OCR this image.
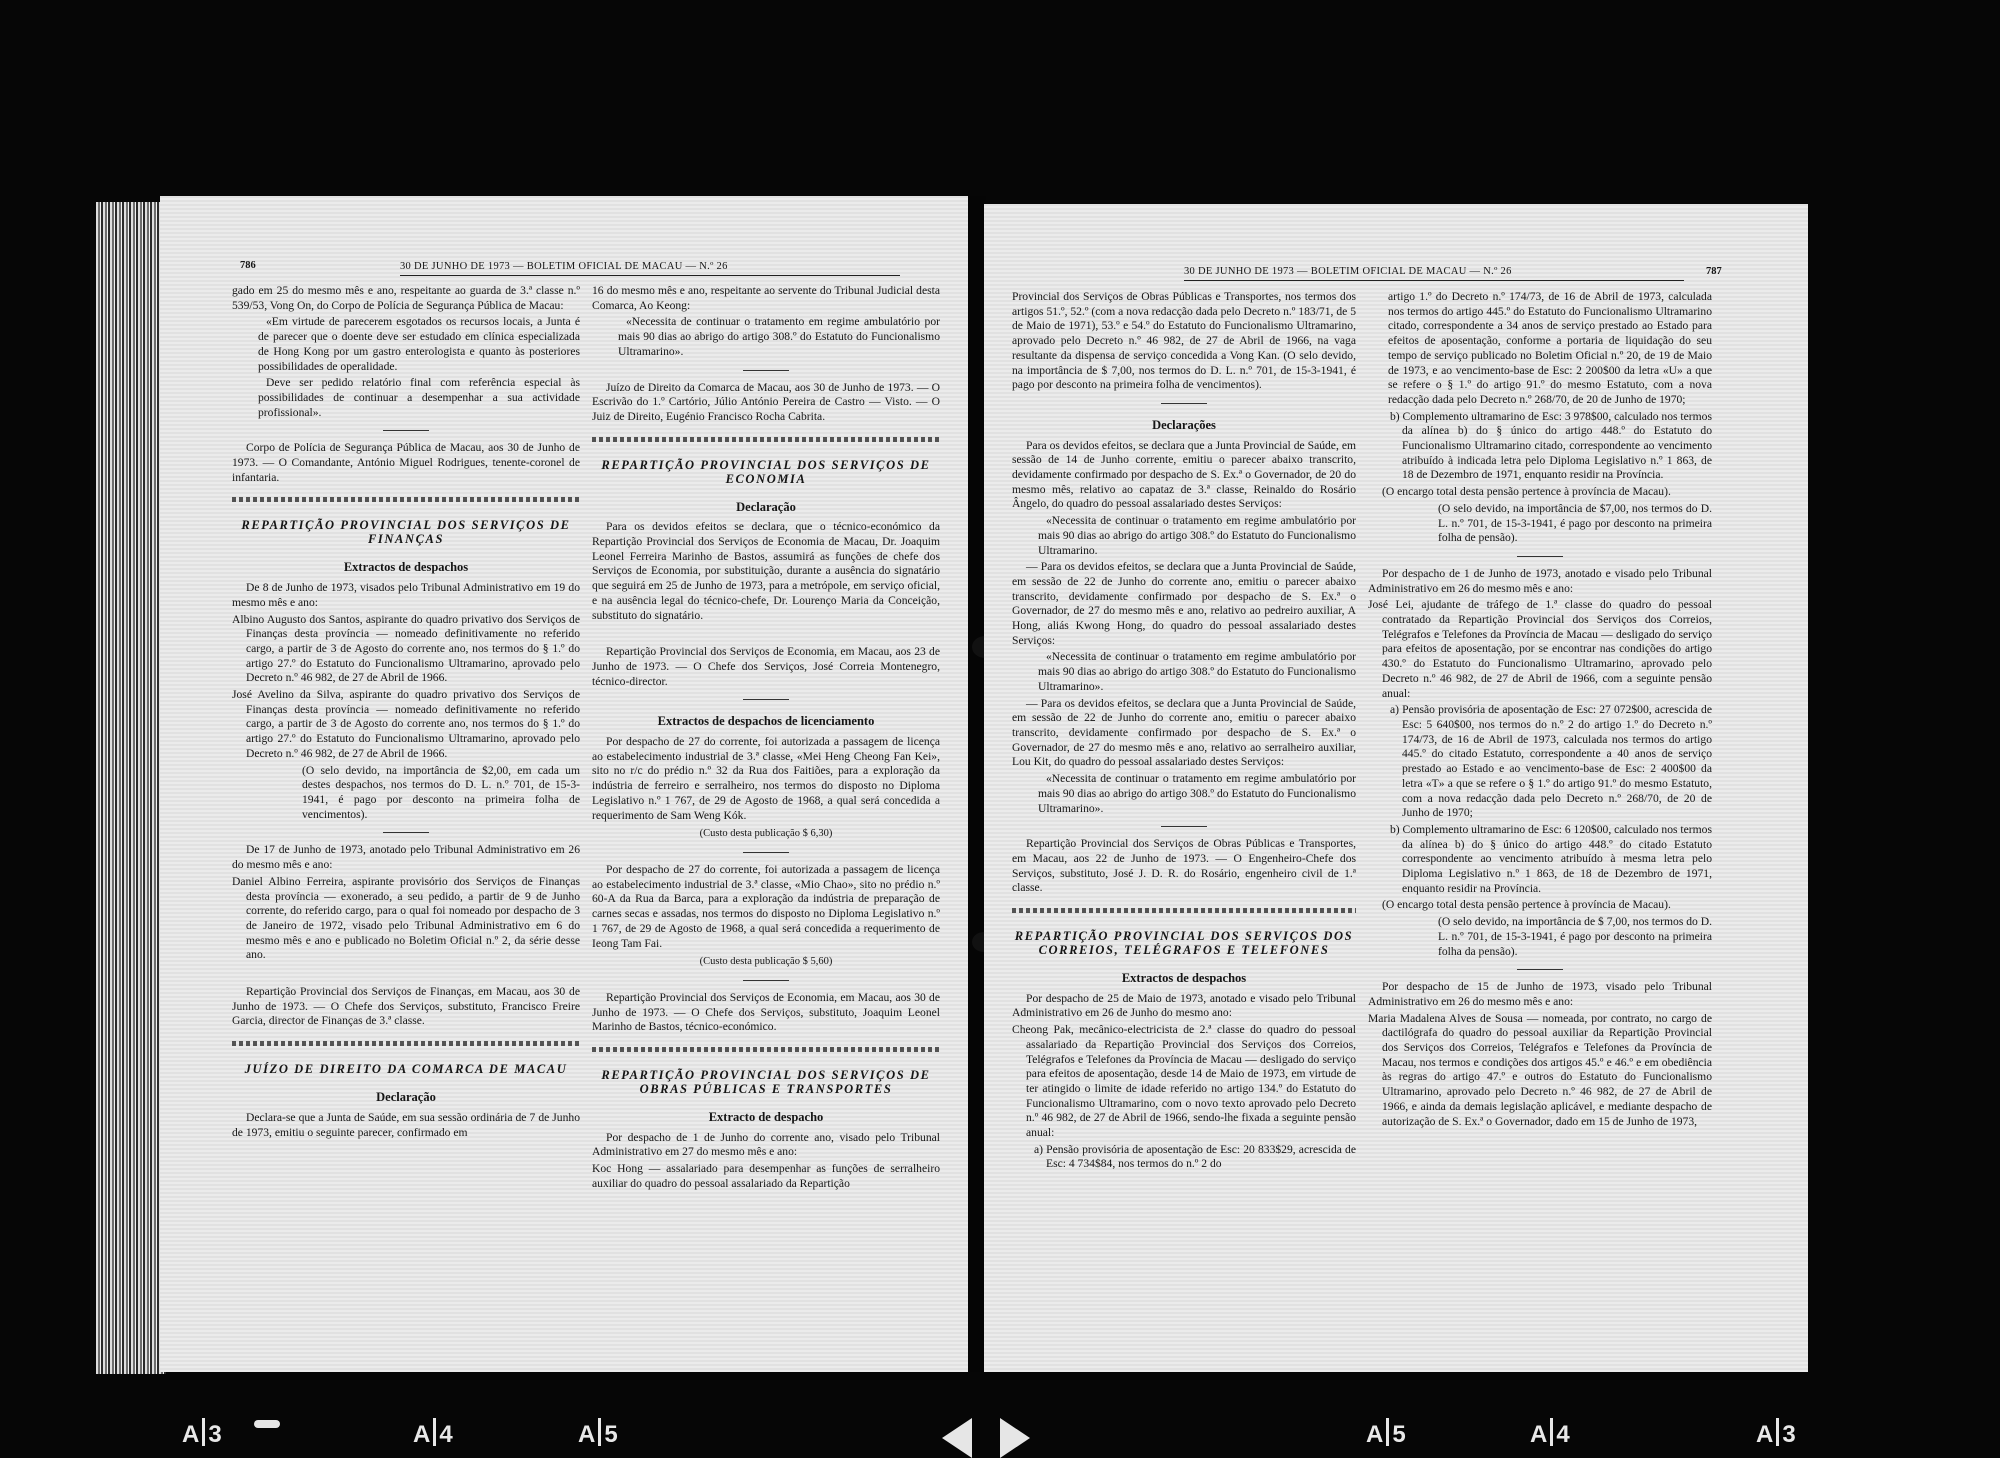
786	30 DE JUNHO DE 1973 — BOLETIM OFICIAL DE MACAU — N.º 26

gado em 25 do mesmo mês e ano, respeitante ao guarda de 3.ª classe n.º 539/53, Vong On, do Corpo de Polícia de Segurança Pública de Macau:

«Em virtude de parecerem esgotados os recursos locais, a Junta é de parecer que o doente deve ser estudado em clínica especializada de Hong Kong por um gastro enterologista e quanto às posteriores possibilidades de operalidade.

Deve ser pedido relatório final com referência especial às possibilidades de continuar a desempenhar a sua actividade profissional».

Corpo de Polícia de Segurança Pública de Macau, aos 30 de Junho de 1973. — O Comandante, António Miguel Rodrigues, tenente-coronel de infantaria.

REPARTIÇÃO PROVINCIAL DOS SERVIÇOS DE FINANÇAS
Extractos de despachos

De 8 de Junho de 1973, visados pelo Tribunal Administrativo em 19 do mesmo mês e ano:

Albino Augusto dos Santos, aspirante do quadro privativo dos Serviços de Finanças desta província — nomeado definitivamente no referido cargo, a partir de 3 de Agosto do corrente ano, nos termos do § 1.º do artigo 27.º do Estatuto do Funcionalismo Ultramarino, aprovado pelo Decreto n.º 46 982, de 27 de Abril de 1966.

José Avelino da Silva, aspirante do quadro privativo dos Serviços de Finanças desta província — nomeado definitivamente no referido cargo, a partir de 3 de Agosto do corrente ano, nos termos do § 1.º do artigo 27.º do Estatuto do Funcionalismo Ultramarino, aprovado pelo Decreto n.º 46 982, de 27 de Abril de 1966.

(O selo devido, na importância de $2,00, em cada um destes despachos, nos termos do D. L. n.º 701, de 15-3-1941, é pago por desconto na primeira folha de vencimentos).

De 17 de Junho de 1973, anotado pelo Tribunal Administrativo em 26 do mesmo mês e ano:

Daniel Albino Ferreira, aspirante provisório dos Serviços de Finanças desta província — exonerado, a seu pedido, a partir de 9 de Junho corrente, do referido cargo, para o qual foi nomeado por despacho de 3 de Janeiro de 1972, visado pelo Tribunal Administrativo em 6 do mesmo mês e ano e publicado no Boletim Oficial n.º 2, da série desse ano.

Repartição Provincial dos Serviços de Finanças, em Macau, aos 30 de Junho de 1973. — O Chefe dos Serviços, substituto, Francisco Freire Garcia, director de Finanças de 3.ª classe.

JUÍZO DE DIREITO DA COMARCA DE MACAU
Declaração

Declara-se que a Junta de Saúde, em sua sessão ordinária de 7 de Junho de 1973, emitiu o seguinte parecer, confirmado em

16 do mesmo mês e ano, respeitante ao servente do Tribunal Judicial desta Comarca, Ao Keong:

«Necessita de continuar o tratamento em regime ambulatório por mais 90 dias ao abrigo do artigo 308.º do Estatuto do Funcionalismo Ultramarino».

Juízo de Direito da Comarca de Macau, aos 30 de Junho de 1973. — O Escrivão do 1.º Cartório, Júlio António Pereira de Castro — Visto. — O Juiz de Direito, Eugénio Francisco Rocha Cabrita.

REPARTIÇÃO PROVINCIAL DOS SERVIÇOS DE ECONOMIA
Declaração

Para os devidos efeitos se declara, que o técnico-económico da Repartição Provincial dos Serviços de Economia de Macau, Dr. Joaquim Leonel Ferreira Marinho de Bastos, assumirá as funções de chefe dos Serviços de Economia, por substituição, durante a ausência do signatário que seguirá em 25 de Junho de 1973, para a metrópole, em serviço oficial, e na ausência legal do técnico-chefe, Dr. Lourenço Maria da Conceição, substituto do signatário.

Repartição Provincial dos Serviços de Economia, em Macau, aos 23 de Junho de 1973. — O Chefe dos Serviços, José Correia Montenegro, técnico-director.

Extractos de despachos de licenciamento

Por despacho de 27 do corrente, foi autorizada a passagem de licença ao estabelecimento industrial de 3.ª classe, «Mei Heng Cheong Fan Kei», sito no r/c do prédio n.º 32 da Rua dos Faitiões, para a exploração da indústria de ferreiro e serralheiro, nos termos do disposto no Diploma Legislativo n.º 1 767, de 29 de Agosto de 1968, a qual será concedida a requerimento de Sam Weng Kók.

(Custo desta publicação $ 6,30)

Por despacho de 27 do corrente, foi autorizada a passagem de licença ao estabelecimento industrial de 3.ª classe, «Mio Chao», sito no prédio n.º 60-A da Rua da Barca, para a exploração da indústria de preparação de carnes secas e assadas, nos termos do disposto no Diploma Legislativo n.º 1 767, de 29 de Agosto de 1968, a qual será concedida a requerimento de Ieong Tam Fai.

(Custo desta publicação $ 5,60)

Repartição Provincial dos Serviços de Economia, em Macau, aos 30 de Junho de 1973. — O Chefe dos Serviços, substituto, Joaquim Leonel Marinho de Bastos, técnico-económico.

REPARTIÇÃO PROVINCIAL DOS SERVIÇOS DE OBRAS PÚBLICAS E TRANSPORTES
Extracto de despacho

Por despacho de 1 de Junho do corrente ano, visado pelo Tribunal Administrativo em 27 do mesmo mês e ano:

Koc Hong — assalariado para desempenhar as funções de serralheiro auxiliar do quadro do pessoal assalariado da Repartição

30 DE JUNHO DE 1973 — BOLETIM OFICIAL DE MACAU — N.º 26	787

Provincial dos Serviços de Obras Públicas e Transportes, nos termos dos artigos 51.º, 52.º (com a nova redacção dada pelo Decreto n.º 183/71, de 5 de Maio de 1971), 53.º e 54.º do Estatuto do Funcionalismo Ultramarino, aprovado pelo Decreto n.º 46 982, de 27 de Abril de 1966, na vaga resultante da dispensa de serviço concedida a Vong Kan. (O selo devido, na importância de $ 7,00, nos termos do D. L. n.º 701, de 15-3-1941, é pago por desconto na primeira folha de vencimentos).

Declarações

Para os devidos efeitos, se declara que a Junta Provincial de Saúde, em sessão de 14 de Junho corrente, emitiu o parecer abaixo transcrito, devidamente confirmado por despacho de S. Ex.ª o Governador, de 20 do mesmo mês, relativo ao capataz de 3.ª classe, Reinaldo do Rosário Ângelo, do quadro do pessoal assalariado destes Serviços:

«Necessita de continuar o tratamento em regime ambulatório por mais 90 dias ao abrigo do artigo 308.º do Estatuto do Funcionalismo Ultramarino.

— Para os devidos efeitos, se declara que a Junta Provincial de Saúde, em sessão de 22 de Junho do corrente ano, emitiu o parecer abaixo transcrito, devidamente confirmado por despacho de S. Ex.ª o Governador, de 27 do mesmo mês e ano, relativo ao pedreiro auxiliar, A Hong, aliás Kwong Hong, do quadro do pessoal assalariado destes Serviços:

«Necessita de continuar o tratamento em regime ambulatório por mais 90 dias ao abrigo do artigo 308.º do Estatuto do Funcionalismo Ultramarino».

— Para os devidos efeitos, se declara que a Junta Provincial de Saúde, em sessão de 22 de Junho do corrente ano, emitiu o parecer abaixo transcrito, devidamente confirmado por despacho de S. Ex.ª o Governador, de 27 do mesmo mês e ano, relativo ao serralheiro auxiliar, Lou Kit, do quadro do pessoal assalariado destes Serviços:

«Necessita de continuar o tratamento em regime ambulatório por mais 90 dias ao abrigo do artigo 308.º do Estatuto do Funcionalismo Ultramarino».

Repartição Provincial dos Serviços de Obras Públicas e Transportes, em Macau, aos 22 de Junho de 1973. — O Engenheiro-Chefe dos Serviços, substituto, José J. D. R. do Rosário, engenheiro civil de 1.ª classe.

REPARTIÇÃO PROVINCIAL DOS SERVIÇOS DOS CORREIOS, TELÉGRAFOS E TELEFONES
Extractos de despachos

Por despacho de 25 de Maio de 1973, anotado e visado pelo Tribunal Administrativo em 26 de Junho do mesmo ano:

Cheong Pak, mecânico-electricista de 2.ª classe do quadro do pessoal assalariado da Repartição Provincial dos Serviços dos Correios, Telégrafos e Telefones da Província de Macau — desligado do serviço para efeitos de aposentação, desde 14 de Maio de 1973, em virtude de ter atingido o limite de idade referido no artigo 134.º do Estatuto do Funcionalismo Ultramarino, com o novo texto aprovado pelo Decreto n.º 46 982, de 27 de Abril de 1966, sendo-lhe fixada a seguinte pensão anual:

a) Pensão provisória de aposentação de Esc: 20 833$29, acrescida de Esc: 4 734$84, nos termos do n.º 2 do

artigo 1.º do Decreto n.º 174/73, de 16 de Abril de 1973, calculada nos termos do artigo 445.º do Estatuto do Funcionalismo Ultramarino citado, correspondente a 34 anos de serviço prestado ao Estado para efeitos de aposentação, conforme a portaria de liquidação do seu tempo de serviço publicado no Boletim Oficial n.º 20, de 19 de Maio de 1973, e ao vencimento-base de Esc: 2 200$00 da letra «U» a que se refere o § 1.º do artigo 91.º do mesmo Estatuto, com a nova redacção dada pelo Decreto n.º 268/70, de 20 de Junho de 1970;

b) Complemento ultramarino de Esc: 3 978$00, calculado nos termos da alínea b) do § único do artigo 448.º do Estatuto do Funcionalismo Ultramarino citado, correspondente ao vencimento atribuído à indicada letra pelo Diploma Legislativo n.º 1 863, de 18 de Dezembro de 1971, enquanto residir na Província.

(O encargo total desta pensão pertence à província de Macau).

(O selo devido, na importância de $7,00, nos termos do D. L. n.º 701, de 15-3-1941, é pago por desconto na primeira folha de pensão).

Por despacho de 1 de Junho de 1973, anotado e visado pelo Tribunal Administrativo em 26 do mesmo mês e ano:

José Lei, ajudante de tráfego de 1.ª classe do quadro do pessoal contratado da Repartição Provincial dos Serviços dos Correios, Telégrafos e Telefones da Província de Macau — desligado do serviço para efeitos de aposentação, por se encontrar nas condições do artigo 430.º do Estatuto do Funcionalismo Ultramarino, aprovado pelo Decreto n.º 46 982, de 27 de Abril de 1966, com a seguinte pensão anual:

a) Pensão provisória de aposentação de Esc: 27 072$00, acrescida de Esc: 5 640$00, nos termos do n.º 2 do artigo 1.º do Decreto n.º 174/73, de 16 de Abril de 1973, calculada nos termos do artigo 445.º do citado Estatuto, correspondente a 40 anos de serviço prestado ao Estado e ao vencimento-base de Esc: 2 400$00 da letra «T» a que se refere o § 1.º do artigo 91.º do mesmo Estatuto, com a nova redacção dada pelo Decreto n.º 268/70, de 20 de Junho de 1970;

b) Complemento ultramarino de Esc: 6 120$00, calculado nos termos da alínea b) do § único do artigo 448.º do citado Estatuto correspondente ao vencimento atribuído à mesma letra pelo Diploma Legislativo n.º 1 863, de 18 de Dezembro de 1971, enquanto residir na Província.

(O encargo total desta pensão pertence à província de Macau).

(O selo devido, na importância de $ 7,00, nos termos do D. L. n.º 701, de 15-3-1941, é pago por desconto na primeira folha da pensão).

Por despacho de 15 de Junho de 1973, visado pelo Tribunal Administrativo em 26 do mesmo mês e ano:

Maria Madalena Alves de Sousa — nomeada, por contrato, no cargo de dactilógrafa do quadro do pessoal auxiliar da Repartição Provincial dos Serviços dos Correios, Telégrafos e Telefones da Província de Macau, nos termos e condições dos artigos 45.º e 46.º e em obediência às regras do artigo 47.º e outros do Estatuto do Funcionalismo Ultramarino, aprovado pelo Decreto n.º 46 982, de 27 de Abril de 1966, e ainda da demais legislação aplicável, e mediante despacho de autorização de S. Ex.ª o Governador, dado em 15 de Junho de 1973,

A 3	A 4	A 5	A 5	A 4	A 3
